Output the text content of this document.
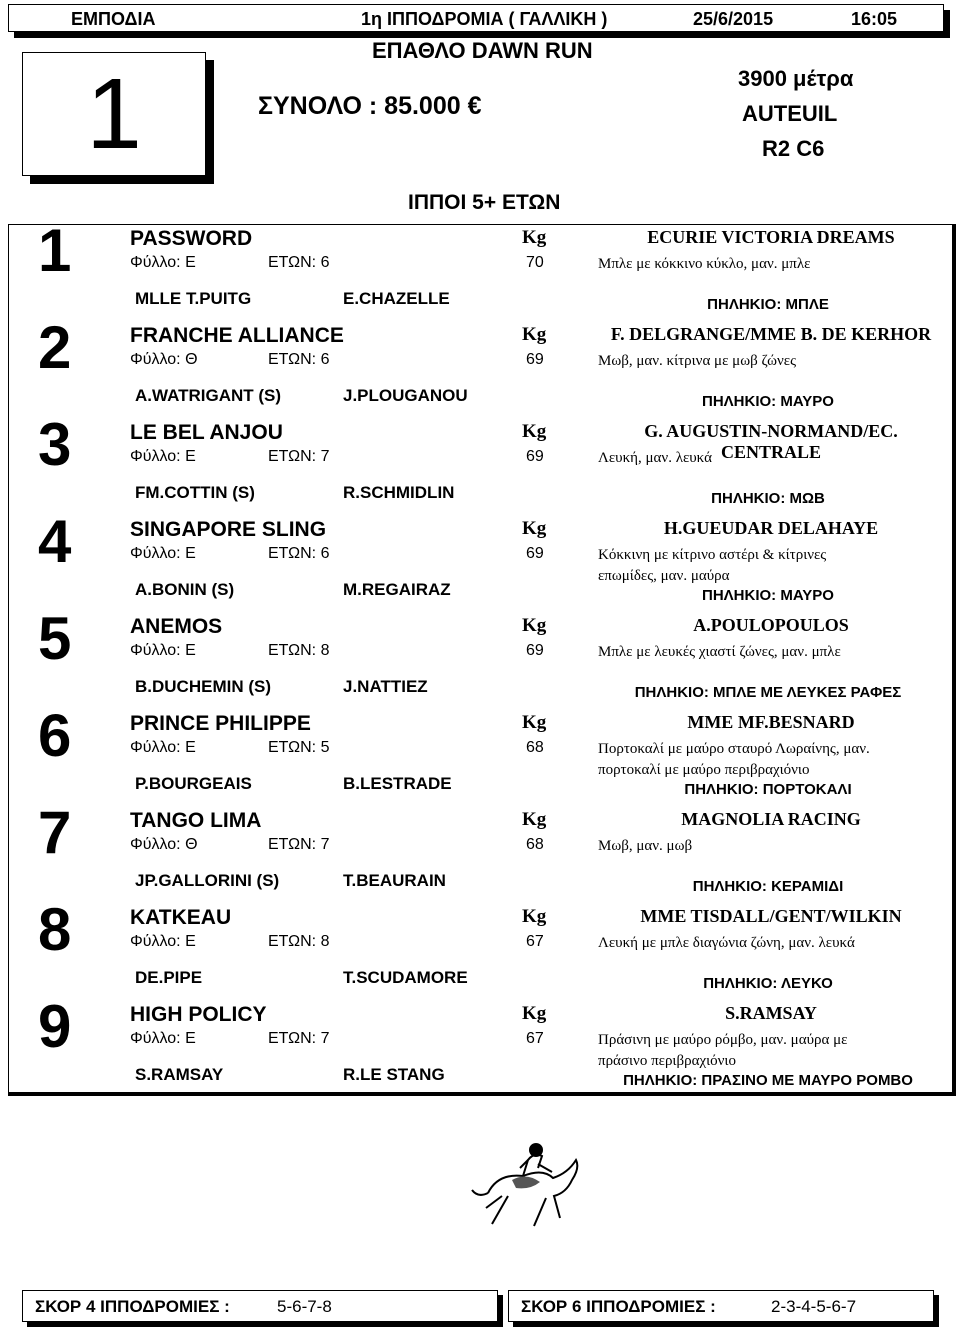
ΕΜΠΟΔΙΑ	1η ΙΠΠΟΔΡΟΜΙΑ ( ΓΑΛΛΙΚΗ )	25/6/2015	16:05
1
ΕΠΑΘΛΟ DAWN RUN
ΣΥΝΟΛΟ : 85.000 €
3900 μέτρα
AUTEUIL
R2 C6
ΙΠΠΟΙ 5+ ΕΤΩΝ
1	PASSWORD
Φύλλο: Ε	ΕΤΩΝ: 6
MLLE T.PUITG	E.CHAZELLE
Kg
70
ECURIE VICTORIA DREAMS
Μπλε με κόκκινο κύκλο, μαν. μπλε
ΠΗΛΗΚΙΟ: ΜΠΛΕ
2	FRANCHE ALLIANCE
Φύλλο: Θ	ΕΤΩΝ: 6
A.WATRIGANT (S)	J.PLOUGANOU
Kg
69
F. DELGRANGE/MME B. DE KERHOR
Μωβ, μαν. κίτρινα με μωβ ζώνες
ΠΗΛΗΚΙΟ: ΜΑΥΡΟ
3	LE BEL ANJOU
Φύλλο: Ε	ΕΤΩΝ: 7
FM.COTTIN (S)	R.SCHMIDLIN
Kg
69
G. AUGUSTIN-NORMAND/EC. CENTRALE
Λευκή, μαν. λευκά
ΠΗΛΗΚΙΟ: ΜΩΒ
4	SINGAPORE SLING
Φύλλο: Ε	ΕΤΩΝ: 6
A.BONIN (S)	M.REGAIRAZ
Kg
69
H.GUEUDAR DELAHAYE
Κόκκινη με κίτρινο αστέρι & κίτρινες επωμίδες, μαν. μαύρα
ΠΗΛΗΚΙΟ: ΜΑΥΡΟ
5	ANEMOS
Φύλλο: Ε	ΕΤΩΝ: 8
B.DUCHEMIN (S)	J.NATTIEZ
Kg
69
A.POULOPOULOS
Μπλε με λευκές χιαστί ζώνες, μαν. μπλε
ΠΗΛΗΚΙΟ: ΜΠΛΕ ΜΕ ΛΕΥΚΕΣ ΡΑΦΕΣ
6	PRINCE PHILIPPE
Φύλλο: Ε	ΕΤΩΝ: 5
P.BOURGEAIS	B.LESTRADE
Kg
68
MME MF.BESNARD
Πορτοκαλί με μαύρο σταυρό Λωραίνης, μαν. πορτοκαλί με μαύρο περιβραχιόνιο
ΠΗΛΗΚΙΟ: ΠΟΡΤΟΚΑΛΙ
7	TANGO LIMA
Φύλλο: Θ	ΕΤΩΝ: 7
JP.GALLORINI (S)	T.BEAURAIN
Kg
68
MAGNOLIA RACING
Μωβ, μαν. μωβ
ΠΗΛΗΚΙΟ: ΚΕΡΑΜΙΔΙ
8	KATKEAU
Φύλλο: Ε	ΕΤΩΝ: 8
DE.PIPE	T.SCUDAMORE
Kg
67
MME TISDALL/GENT/WILKIN
Λευκή με μπλε διαγώνια ζώνη, μαν. λευκά
ΠΗΛΗΚΙΟ: ΛΕΥΚΟ
9	HIGH POLICY
Φύλλο: Ε	ΕΤΩΝ: 7
S.RAMSAY	R.LE STANG
Kg
67
S.RAMSAY
Πράσινη με μαύρο ρόμβο, μαν. μαύρα με πράσινο περιβραχιόνιο
ΠΗΛΗΚΙΟ: ΠΡΑΣΙΝΟ ΜΕ ΜΑΥΡΟ ΡΟΜΒΟ
ΣΚΟΡ 4 ΙΠΠΟΔΡΟΜΙΕΣ :	5-6-7-8	ΣΚΟΡ 6 ΙΠΠΟΔΡΟΜΙΕΣ :	2-3-4-5-6-7
